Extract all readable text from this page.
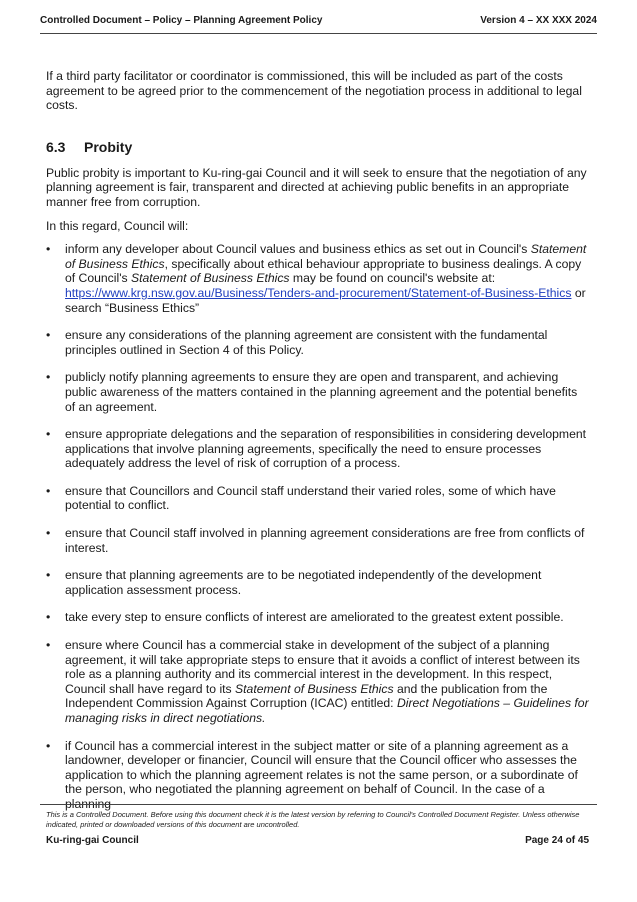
Controlled Document – Policy – Planning Agreement Policy	Version 4 – XX XXX 2024

If a third party facilitator or coordinator is commissioned, this will be included as part of the costs agreement to be agreed prior to the commencement of the negotiation process in additional to legal costs.

6.3	Probity

Public probity is important to Ku-ring-gai Council and it will seek to ensure that the negotiation of any planning agreement is fair, transparent and directed at achieving public benefits in an appropriate manner free from corruption.

In this regard, Council will:

• inform any developer about Council values and business ethics as set out in Council's Statement of Business Ethics, specifically about ethical behaviour appropriate to business dealings. A copy of Council's Statement of Business Ethics may be found on council's website at:
https://www.krg.nsw.gov.au/Business/Tenders-and-procurement/Statement-of-Business-Ethics or search “Business Ethics”
• ensure any considerations of the planning agreement are consistent with the fundamental principles outlined in Section 4 of this Policy.
• publicly notify planning agreements to ensure they are open and transparent, and achieving public awareness of the matters contained in the planning agreement and the potential benefits of an agreement.
• ensure appropriate delegations and the separation of responsibilities in considering development applications that involve planning agreements, specifically the need to ensure processes adequately address the level of risk of corruption of a process.
• ensure that Councillors and Council staff understand their varied roles, some of which have potential to conflict.
• ensure that Council staff involved in planning agreement considerations are free from conflicts of interest.
• ensure that planning agreements are to be negotiated independently of the development application assessment process.
• take every step to ensure conflicts of interest are ameliorated to the greatest extent possible.
• ensure where Council has a commercial stake in development of the subject of a planning agreement, it will take appropriate steps to ensure that it avoids a conflict of interest between its role as a planning authority and its commercial interest in the development. In this respect, Council shall have regard to its Statement of Business Ethics and the publication from the Independent Commission Against Corruption (ICAC) entitled: Direct Negotiations – Guidelines for managing risks in direct negotiations.
• if Council has a commercial interest in the subject matter or site of a planning agreement as a landowner, developer or financier, Council will ensure that the Council officer who assesses the application to which the planning agreement relates is not the same person, or a subordinate of the person, who negotiated the planning agreement on behalf of Council. In the case of a planning
This is a Controlled Document. Before using this document check it is the latest version by referring to Council's Controlled Document Register. Unless otherwise indicated, printed or downloaded versions of this document are uncontrolled.
Ku-ring-gai Council	Page 24 of 45
